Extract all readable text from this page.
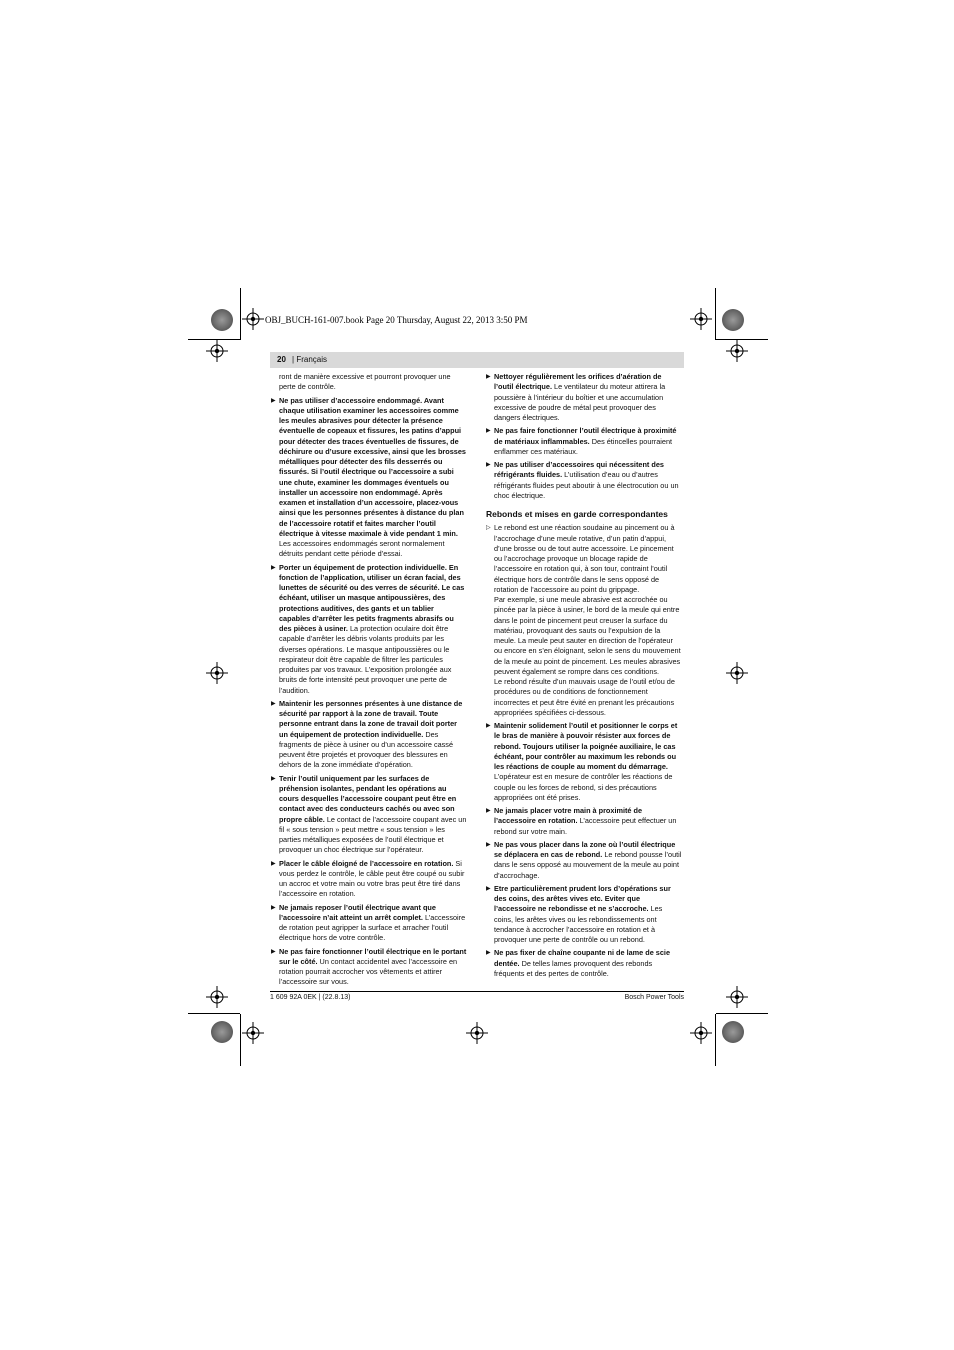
OBJ_BUCH-161-007.book Page 20 Thursday, August 22, 2013 3:50 PM
20 | Français

ront de manière excessive et pourront provoquer une perte de contrôle.

▶ Ne pas utiliser d’accessoire endommagé. Avant chaque utilisation examiner les accessoires comme les meules abrasives pour détecter la présence éventuelle de copeaux et fissures, les patins d’appui pour détecter des traces éventuelles de fissures, de déchirure ou d’usure excessive, ainsi que les brosses métalliques pour détecter des fils desserrés ou fissurés. Si l’outil électrique ou l’accessoire a subi une chute, examiner les dommages éventuels ou installer un accessoire non endommagé. Après examen et installation d’un accessoire, placez-vous ainsi que les personnes présentes à distance du plan de l’accessoire rotatif et faites marcher l’outil électrique à vitesse maximale à vide pendant 1 min. Les accessoires endommagés seront normalement détruits pendant cette période d’essai.
▶ Porter un équipement de protection individuelle. En fonction de l’application, utiliser un écran facial, des lunettes de sécurité ou des verres de sécurité. Le cas échéant, utiliser un masque antipoussières, des protections auditives, des gants et un tablier capables d’arrêter les petits fragments abrasifs ou des pièces à usiner. La protection oculaire doit être capable d’arrêter les débris volants produits par les diverses opérations. Le masque antipoussières ou le respirateur doit être capable de filtrer les particules produites par vos travaux. L’exposition prolongée aux bruits de forte intensité peut provoquer une perte de l’audition.
▶ Maintenir les personnes présentes à une distance de sécurité par rapport à la zone de travail. Toute personne entrant dans la zone de travail doit porter un équipement de protection individuelle. Des fragments de pièce à usiner ou d’un accessoire cassé peuvent être projetés et provoquer des blessures en dehors de la zone immédiate d’opération.
▶ Tenir l’outil uniquement par les surfaces de préhension isolantes, pendant les opérations au cours desquelles l’accessoire coupant peut être en contact avec des conducteurs cachés ou avec son propre câble. Le contact de l’accessoire coupant avec un fil « sous tension » peut mettre « sous tension » les parties métalliques exposées de l’outil électrique et provoquer un choc électrique sur l’opérateur.
▶ Placer le câble éloigné de l’accessoire en rotation. Si vous perdez le contrôle, le câble peut être coupé ou subir un accroc et votre main ou votre bras peut être tiré dans l’accessoire en rotation.
▶ Ne jamais reposer l’outil électrique avant que l’accessoire n’ait atteint un arrêt complet. L’accessoire de rotation peut agripper la surface et arracher l’outil électrique hors de votre contrôle.
▶ Ne pas faire fonctionner l’outil électrique en le portant sur le côté. Un contact accidentel avec l’accessoire en rotation pourrait accrocher vos vêtements et attirer l’accessoire sur vous.
▶ Nettoyer régulièrement les orifices d’aération de l’outil électrique. Le ventilateur du moteur attirera la poussière à l’intérieur du boîtier et une accumulation excessive de poudre de métal peut provoquer des dangers électriques.
▶ Ne pas faire fonctionner l’outil électrique à proximité de matériaux inflammables. Des étincelles pourraient enflammer ces matériaux.
▶ Ne pas utiliser d’accessoires qui nécessitent des réfrigérants fluides. L’utilisation d’eau ou d’autres réfrigérants fluides peut aboutir à une électrocution ou un choc électrique.
Rebonds et mises en garde correspondantes
▷ Le rebond est une réaction soudaine au pincement ou à l’accrochage d’une meule rotative, d’un patin d’appui, d’une brosse ou de tout autre accessoire. Le pincement ou l’accrochage provoque un blocage rapide de l’accessoire en rotation qui, à son tour, contraint l’outil électrique hors de contrôle dans le sens opposé de rotation de l’accessoire au point du grippage.
Par exemple, si une meule abrasive est accrochée ou pincée par la pièce à usiner, le bord de la meule qui entre dans le point de pincement peut creuser la surface du matériau, provoquant des sauts ou l’expulsion de la meule. La meule peut sauter en direction de l’opérateur ou encore en s’en éloignant, selon le sens du mouvement de la meule au point de pincement. Les meules abrasives peuvent également se rompre dans ces conditions.
Le rebond résulte d’un mauvais usage de l’outil et/ou de procédures ou de conditions de fonctionnement incorrectes et peut être évité en prenant les précautions appropriées spécifiées ci-dessous.
▶ Maintenir solidement l’outil et positionner le corps et le bras de manière à pouvoir résister aux forces de rebond. Toujours utiliser la poignée auxiliaire, le cas échéant, pour contrôler au maximum les rebonds ou les réactions de couple au moment du démarrage. L’opérateur est en mesure de contrôler les réactions de couple ou les forces de rebond, si des précautions appropriées ont été prises.
▶ Ne jamais placer votre main à proximité de l’accessoire en rotation. L’accessoire peut effectuer un rebond sur votre main.
▶ Ne pas vous placer dans la zone où l’outil électrique se déplacera en cas de rebond. Le rebond pousse l’outil dans le sens opposé au mouvement de la meule au point d’accrochage.
▶ Etre particulièrement prudent lors d’opérations sur des coins, des arêtes vives etc. Eviter que l’accessoire ne rebondisse et ne s’accroche. Les coins, les arêtes vives ou les rebondissements ont tendance à accrocher l’accessoire en rotation et à provoquer une perte de contrôle ou un rebond.
▶ Ne pas fixer de chaîne coupante ni de lame de scie dentée. De telles lames provoquent des rebonds fréquents et des pertes de contrôle.
1 609 92A 0EK | (22.8.13)	Bosch Power Tools
